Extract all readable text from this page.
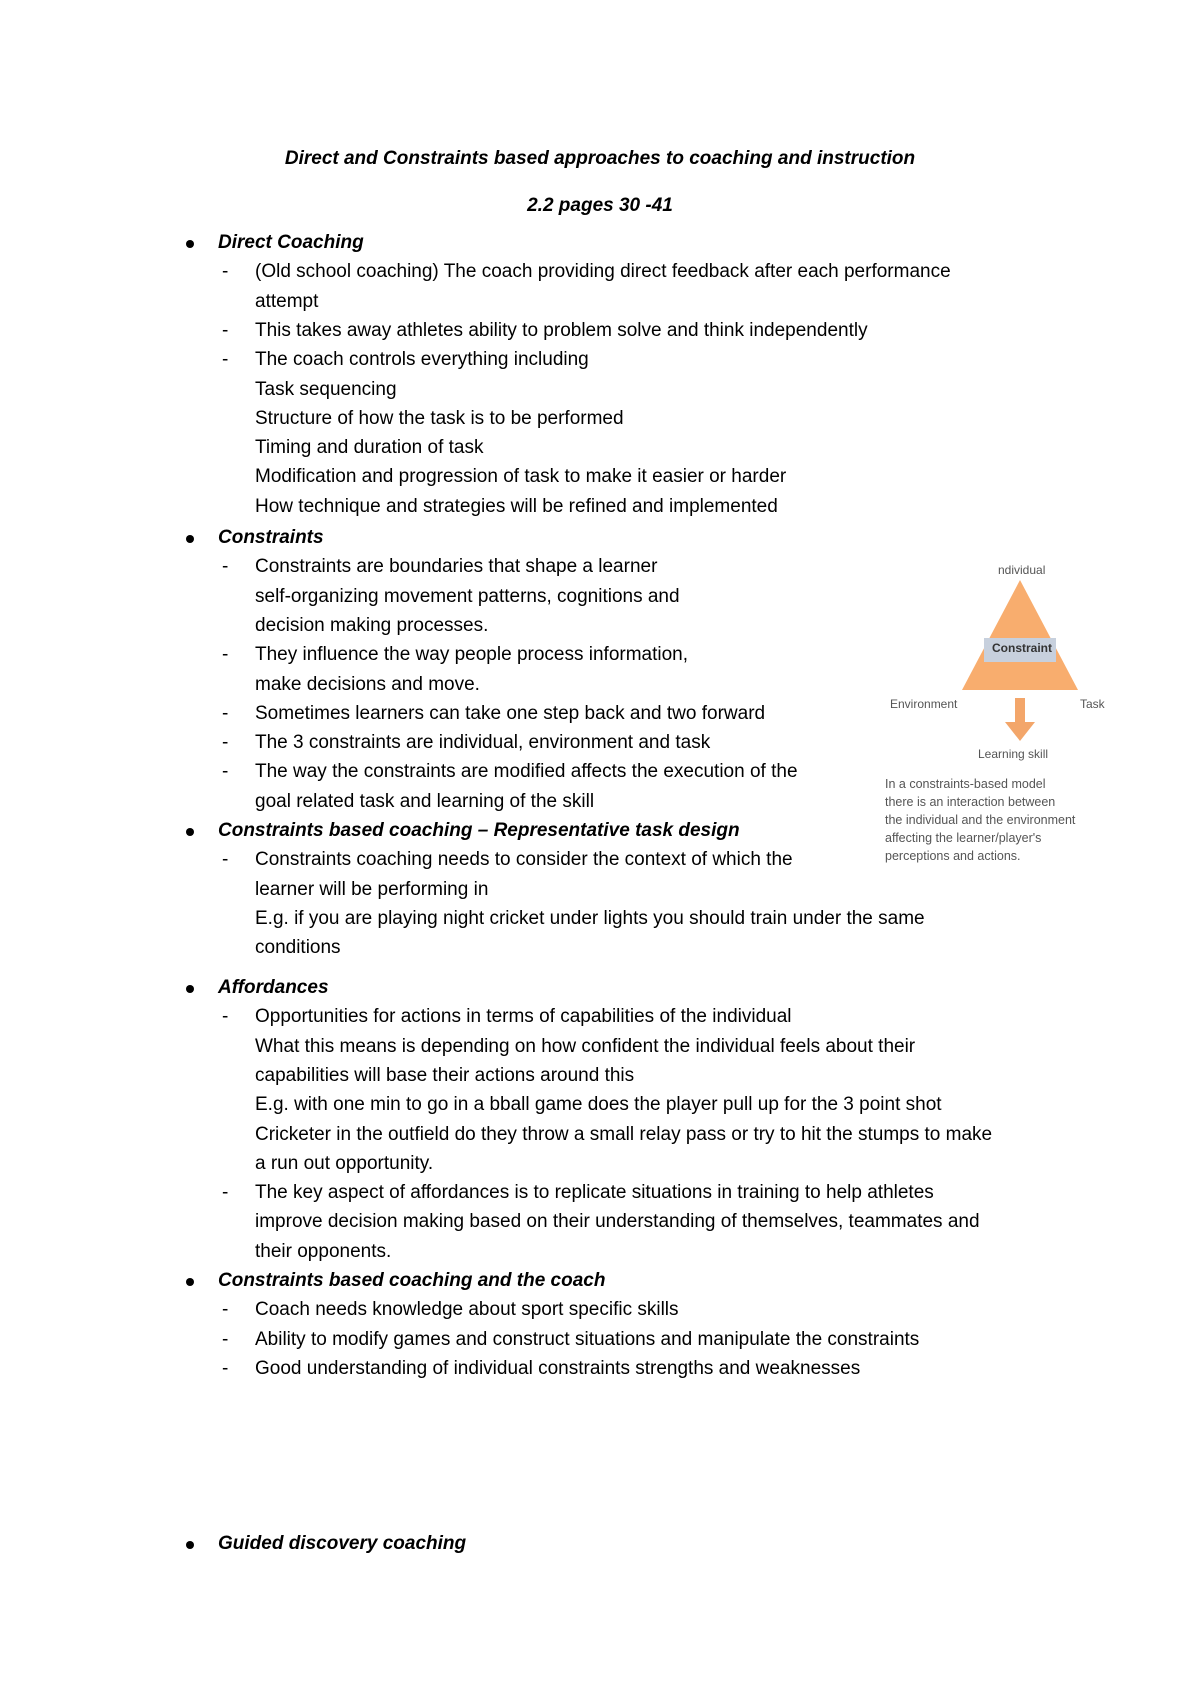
Direct and Constraints based approaches to coaching and instruction
2.2 pages 30 -41
Direct Coaching
- (Old school coaching) The coach providing direct feedback after each performance
attempt
- This takes away athletes ability to problem solve and think independently
- The coach controls everything including
Task sequencing
Structure of how the task is to be performed
Timing and duration of task
Modification and progression of task to make it easier or harder
How technique and strategies will be refined and implemented
Constraints
- Constraints are boundaries that shape a learner
self-organizing movement patterns, cognitions and
decision making processes.
- They influence the way people process information,
make decisions and move.
- Sometimes learners can take one step back and two forward
- The 3 constraints are individual, environment and task
- The way the constraints are modified affects the execution of the
goal related task and learning of the skill
Constraints based coaching – Representative task design
- Constraints coaching needs to consider the context of which the
learner will be performing in
E.g. if you are playing night cricket under lights you should train under the same
conditions
Affordances
- Opportunities for actions in terms of capabilities of the individual
What this means is depending on how confident the individual feels about their
capabilities will base their actions around this
E.g. with one min to go in a bball game does the player pull up for the 3 point shot
Cricketer in the outfield do they throw a small relay pass or try to hit the stumps to make
a run out opportunity.
- The key aspect of affordances is to replicate situations in training to help athletes
improve decision making based on their understanding of themselves, teammates and
their opponents.
Constraints based coaching and the coach
- Coach needs knowledge about sport specific skills
- Ability to modify games and construct situations and manipulate the constraints
- Good understanding of individual constraints strengths and weaknesses
Guided discovery coaching
ndividual
Constraint
Environment	Task
Learning skill
In a constraints-based model
there is an interaction between
the individual and the environment
affecting the learner/player's
perceptions and actions.
